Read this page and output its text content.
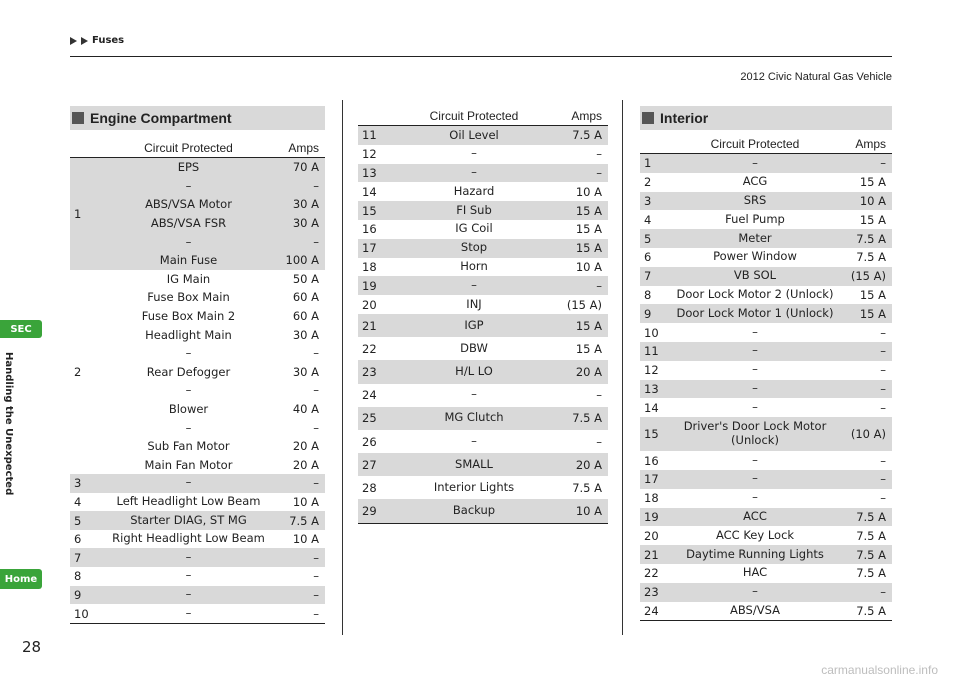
Fuses
2012 Civic Natural Gas Vehicle
SEC
Handling the Unexpected
Home
28
Engine Compartment
Circuit Protected	Amps
1
EPS	70 A
–	–
ABS/VSA Motor	30 A
ABS/VSA FSR	30 A
–	–
Main Fuse	100 A
2
IG Main	50 A
Fuse Box Main	60 A
Fuse Box Main 2	60 A
Headlight Main	30 A
–	–
Rear Defogger	30 A
–	–
Blower	40 A
–	–
Sub Fan Motor	20 A
Main Fan Motor	20 A
3	–	–
4	Left Headlight Low Beam	10 A
5	Starter DIAG, ST MG	7.5 A
6	Right Headlight Low Beam	10 A
7	–	–
8	–	–
9	–	–
10	–	–
Circuit Protected	Amps
11	Oil Level	7.5 A
12	–	–
13	–	–
14	Hazard	10 A
15	FI Sub	15 A
16	IG Coil	15 A
17	Stop	15 A
18	Horn	10 A
19	–	–
20	INJ	(15 A)
21	IGP	15 A
22	DBW	15 A
23	H/L LO	20 A
24	–	–
25	MG Clutch	7.5 A
26	–	–
27	SMALL	20 A
28	Interior Lights	7.5 A
29	Backup	10 A
Interior
Circuit Protected	Amps
1	–	–
2	ACG	15 A
3	SRS	10 A
4	Fuel Pump	15 A
5	Meter	7.5 A
6	Power Window	7.5 A
7	VB SOL	(15 A)
8	Door Lock Motor 2 (Unlock)	15 A
9	Door Lock Motor 1 (Unlock)	15 A
10	–	–
11	–	–
12	–	–
13	–	–
14	–	–
15
Driver's Door Lock Motor
(Unlock)	(10 A)
16	–	–
17	–	–
18	–	–
19	ACC	7.5 A
20	ACC Key Lock	7.5 A
21	Daytime Running Lights	7.5 A
22	HAC	7.5 A
23	–	–
24	ABS/VSA	7.5 A
carmanualsonline.info
